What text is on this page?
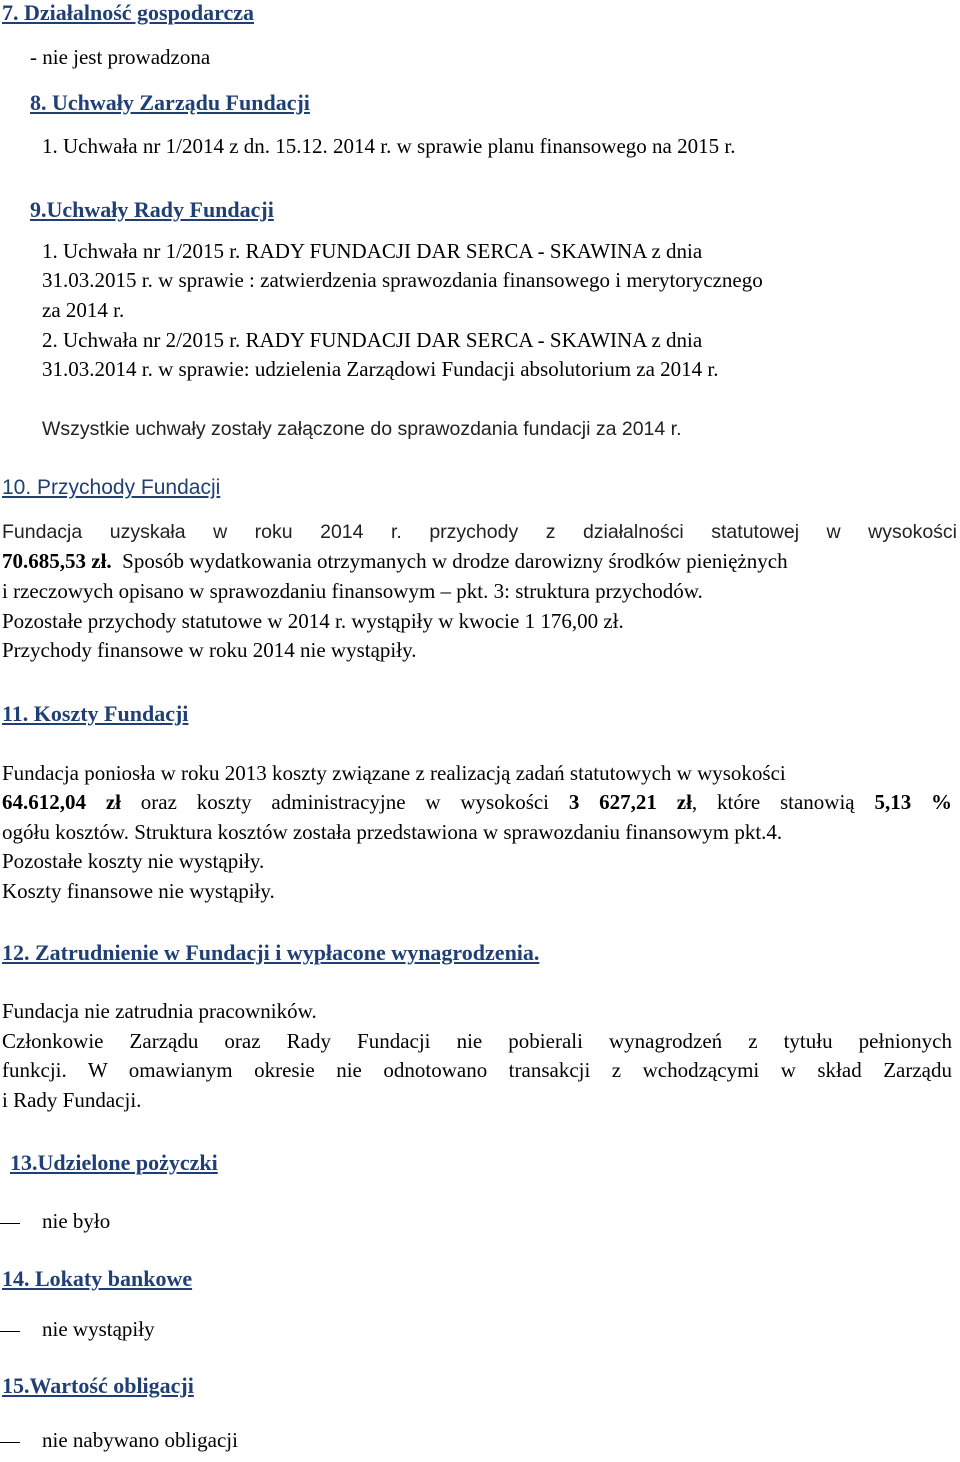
7. Działalność gospodarcza
- nie jest prowadzona
8. Uchwały Zarządu Fundacji
1. Uchwała nr 1/2014 z dn. 15.12. 2014 r. w sprawie planu finansowego na 2015 r.
9.Uchwały Rady Fundacji
1. Uchwała nr 1/2015 r. RADY FUNDACJI DAR SERCA - SKAWINA z dnia
31.03.2015 r. w sprawie : zatwierdzenia sprawozdania finansowego i merytorycznego
za 2014 r.
2. Uchwała nr 2/2015 r. RADY FUNDACJI DAR SERCA - SKAWINA z dnia
31.03.2014 r. w sprawie: udzielenia Zarządowi Fundacji absolutorium za 2014 r.
Wszystkie uchwały zostały załączone do sprawozdania fundacji za 2014 r.
10. Przychody Fundacji
Fundacja uzyskała w roku 2014 r. przychody z działalności statutowej w wysokości
70.685,53 zł. Sposób wydatkowania otrzymanych w drodze darowizny środków pieniężnych
i rzeczowych opisano w sprawozdaniu finansowym – pkt. 3: struktura przychodów.
Pozostałe przychody statutowe w 2014 r. wystąpiły w kwocie 1 176,00 zł.
Przychody finansowe w roku 2014 nie wystąpiły.
11. Koszty Fundacji
Fundacja poniosła w roku 2013 koszty związane z realizacją zadań statutowych w wysokości
64.612,04 zł oraz koszty administracyjne w wysokości 3 627,21 zł, które stanowią 5,13 %
ogółu kosztów. Struktura kosztów została przedstawiona w sprawozdaniu finansowym pkt.4.
Pozostałe koszty nie wystąpiły.
Koszty finansowe nie wystąpiły.
12. Zatrudnienie w Fundacji i wypłacone wynagrodzenia.
Fundacja nie zatrudnia pracowników.
Członkowie Zarządu oraz Rady Fundacji nie pobierali wynagrodzeń z tytułu pełnionych
funkcji. W omawianym okresie nie odnotowano transakcji z wchodzącymi w skład Zarządu
i Rady Fundacji.
13.Udzielone pożyczki
nie było
14. Lokaty bankowe
nie wystąpiły
15.Wartość obligacji
nie nabywano obligacji
